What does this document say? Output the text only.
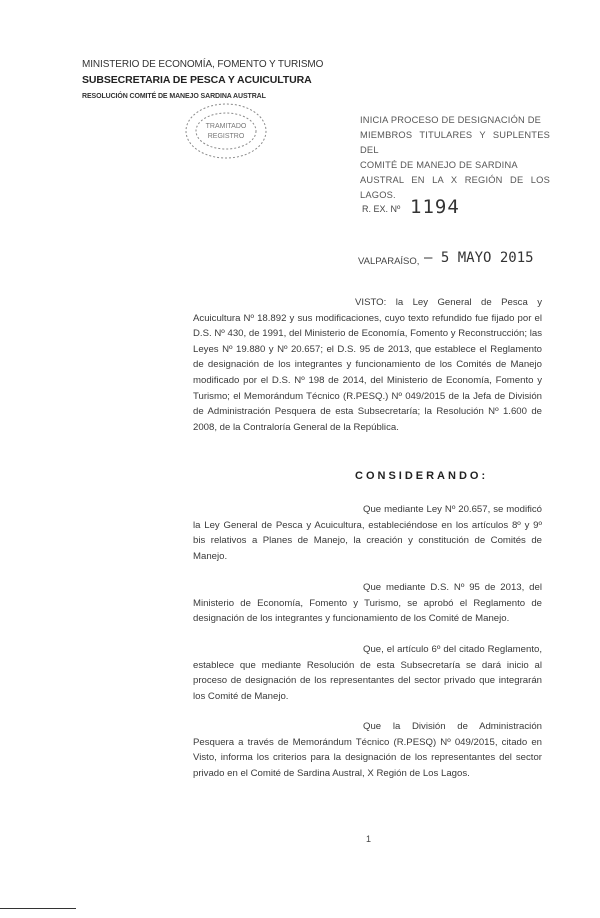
MINISTERIO DE ECONOMÍA, FOMENTO Y TURISMO
SUBSECRETARIA DE PESCA Y ACUICULTURA
RESOLUCIÓN COMITÉ DE MANEJO SARDINA AUSTRAL
TRAMITADO
REGISTRO
INICIA PROCESO DE DESIGNACIÓN DE
MIEMBROS TITULARES Y SUPLENTES DEL
COMITÉ DE MANEJO DE SARDINA
AUSTRAL EN LA X REGIÓN DE LOS LAGOS.
R. EX. Nº 1194
VALPARAÍSO, – 5 MAYO 2015

VISTO: la Ley General de Pesca y Acuicultura Nº 18.892 y sus modificaciones, cuyo texto refundido fue fijado por el D.S. Nº 430, de 1991, del Ministerio de Economía, Fomento y Reconstrucción; las Leyes Nº 19.880 y Nº 20.657; el D.S. 95 de 2013, que establece el Reglamento de designación de los integrantes y funcionamiento de los Comités de Manejo modificado por el D.S. Nº 198 de 2014, del Ministerio de Economía, Fomento y Turismo; el Memorándum Técnico (R.PESQ.) Nº 049/2015 de la Jefa de División de Administración Pesquera de esta Subsecretaría; la Resolución Nº 1.600 de 2008, de la Contraloría General de la República.

CONSIDERANDO:

Que mediante Ley Nº 20.657, se modificó la Ley General de Pesca y Acuicultura, estableciéndose en los artículos 8º y 9º bis relativos a Planes de Manejo, la creación y constitución de Comités de Manejo.

Que mediante D.S. Nº 95 de 2013, del Ministerio de Economía, Fomento y Turismo, se aprobó el Reglamento de designación de los integrantes y funcionamiento de los Comité de Manejo.

Que, el artículo 6º del citado Reglamento, establece que mediante Resolución de esta Subsecretaría se dará inicio al proceso de designación de los representantes del sector privado que integrarán los Comité de Manejo.

Que la División de Administración Pesquera a través de Memorándum Técnico (R.PESQ) Nº 049/2015, citado en Visto, informa los criterios para la designación de los representantes del sector privado en el Comité de Sardina Austral, X Región de Los Lagos.

1
